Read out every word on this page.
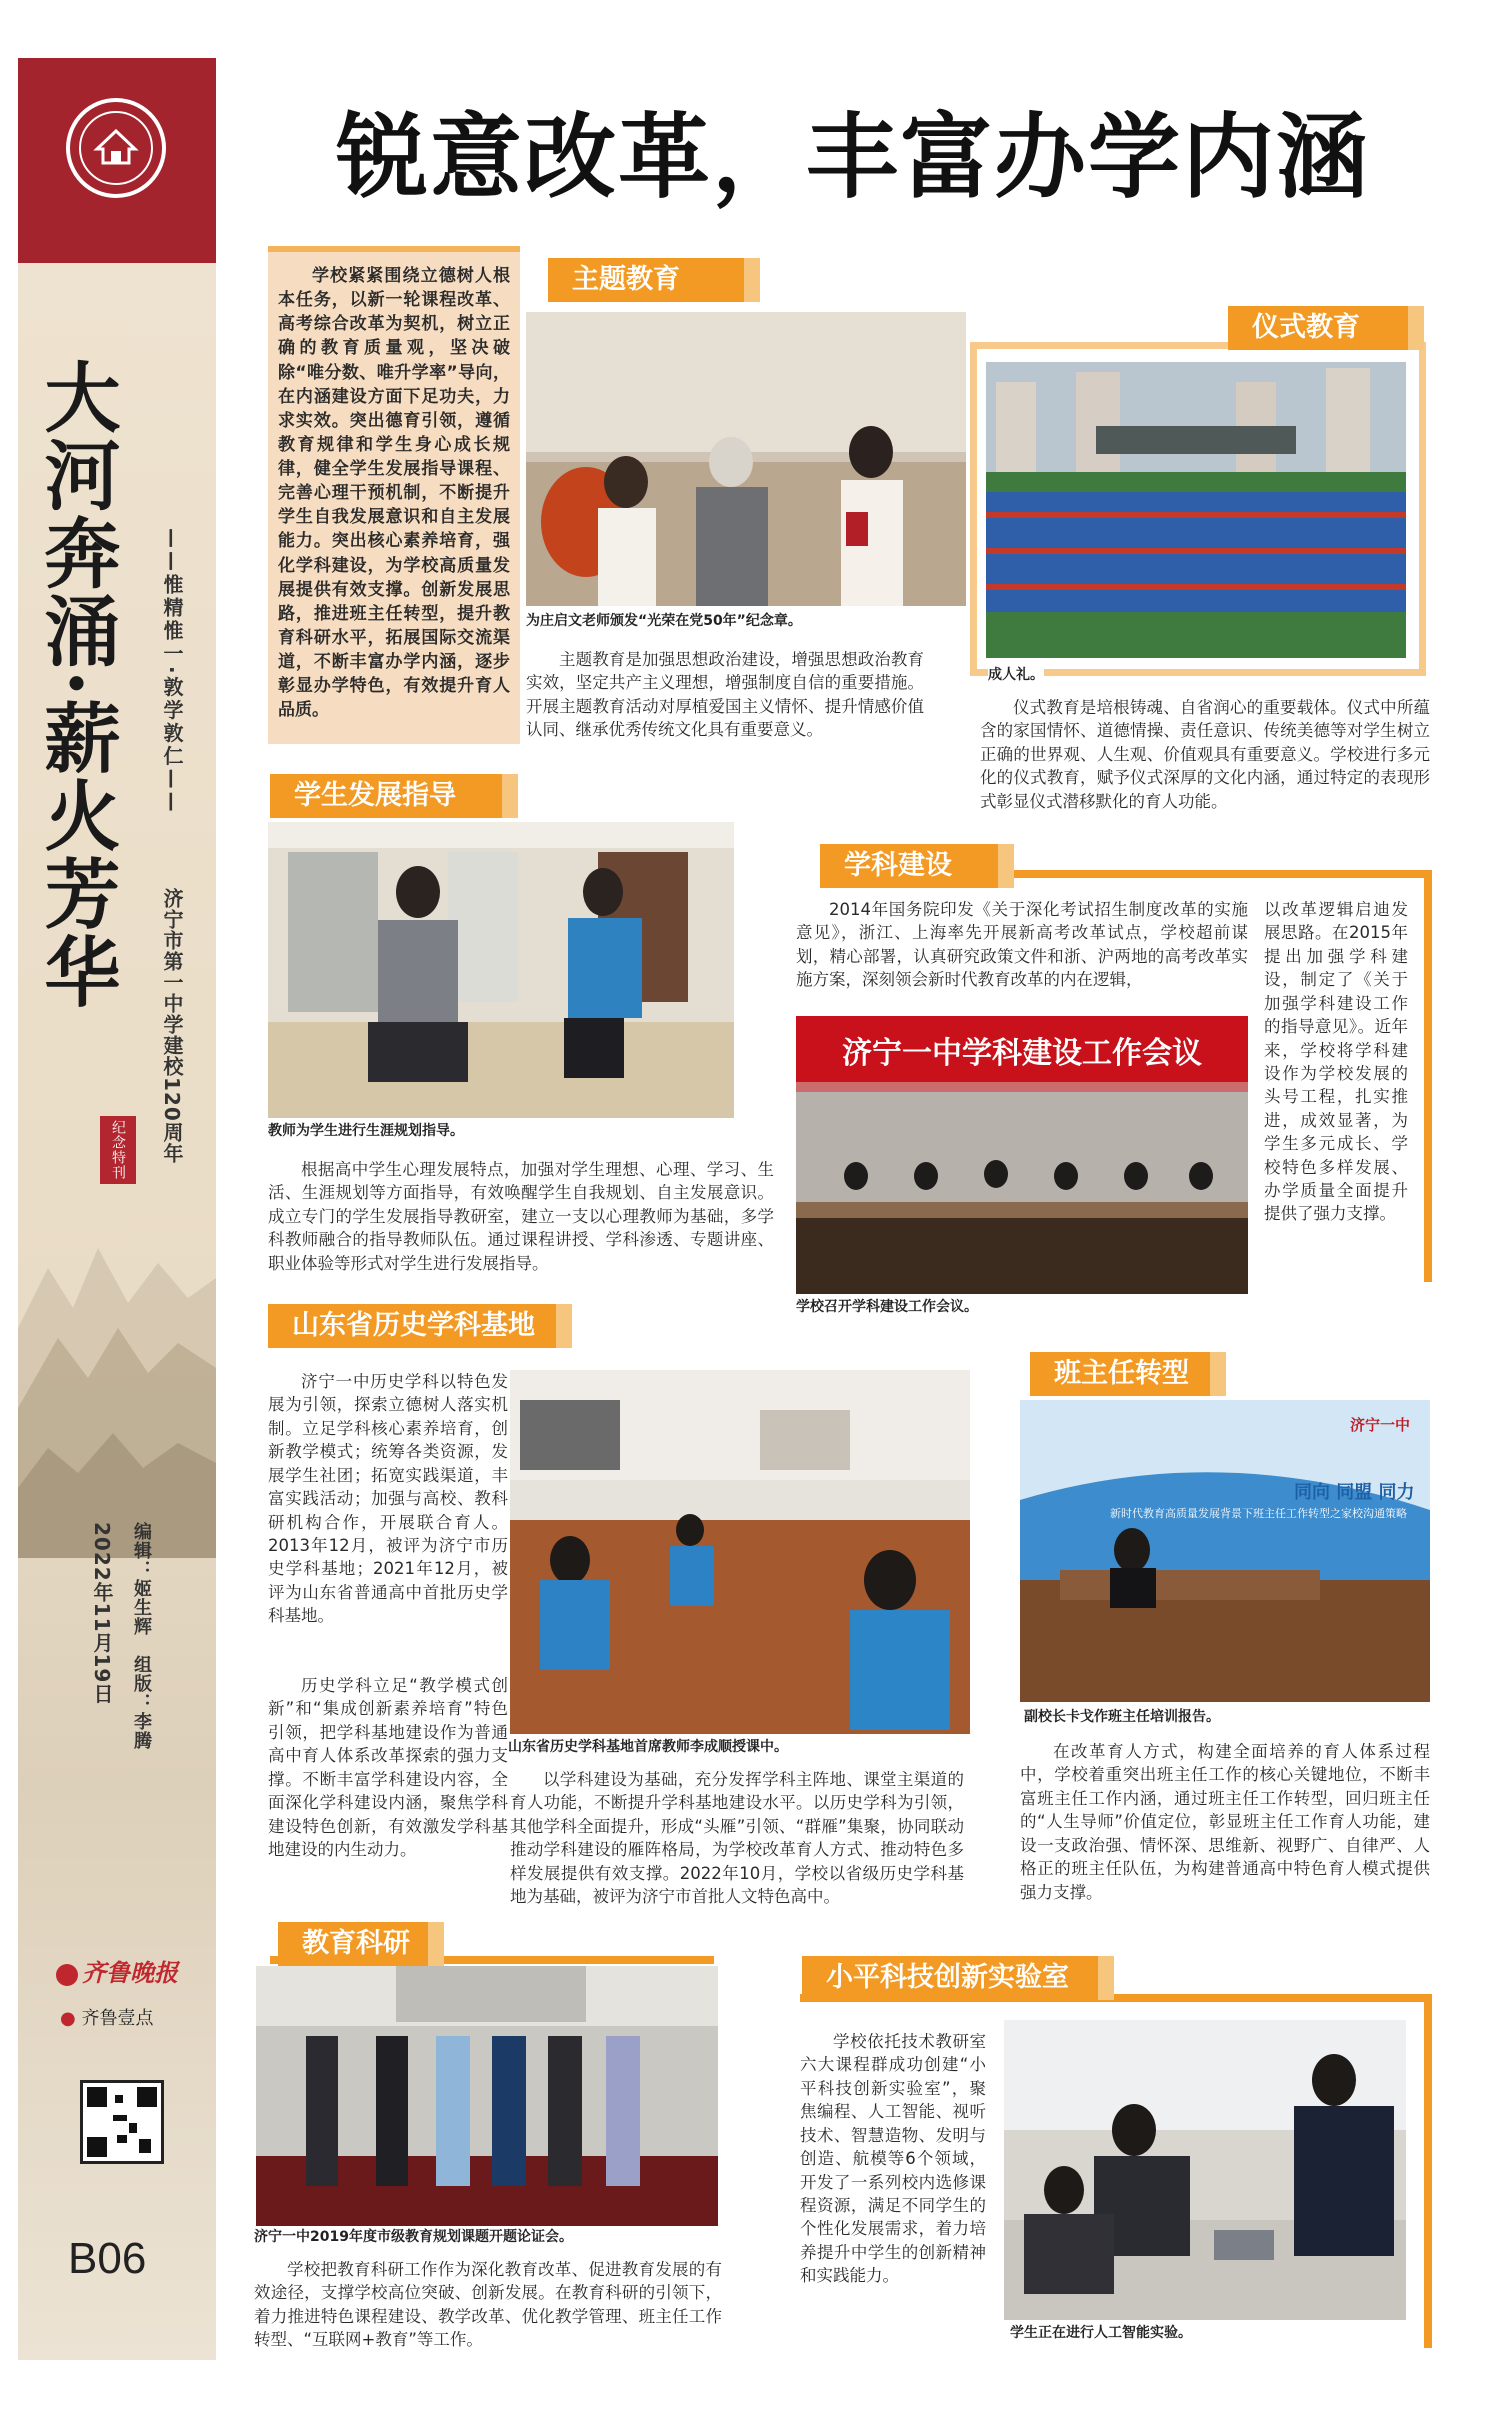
大河奔涌·薪火芳华 ——惟精惟一·敦学敦仁——
济宁市第一中学建校120周年
纪念特刊
编辑：姬生辉　组版：李腾
2022年11月19日
齐鲁晚报
● 齐鲁壹点
B06
锐意改革，丰富办学内涵

学校紧紧围绕立德树人根本任务，以新一轮课程改革、高考综合改革为契机，树立正确的教育质量观，坚决破除“唯分数、唯升学率”导向，在内涵建设方面下足功夫，力求实效。突出德育引领，遵循教育规律和学生身心成长规律，健全学生发展指导课程、完善心理干预机制，不断提升学生自我发展意识和自主发展能力。突出核心素养培育，强化学科建设，为学校高质量发展提供有效支撑。创新发展思路，推进班主任转型，提升教育科研水平，拓展国际交流渠道，不断丰富办学内涵，逐步彰显办学特色，有效提升育人品质。

主题教育
为庄启文老师颁发“光荣在党50年”纪念章。
主题教育是加强思想政治建设，增强思想政治教育实效，坚定共产主义理想，增强制度自信的重要措施。开展主题教育活动对厚植爱国主义情怀、提升情感价值认同、继承优秀传统文化具有重要意义。
仪式教育
成人礼。
仪式教育是培根铸魂、自省润心的重要载体。仪式中所蕴含的家国情怀、道德情操、责任意识、传统美德等对学生树立正确的世界观、人生观、价值观具有重要意义。学校进行多元化的仪式教育，赋予仪式深厚的文化内涵，通过特定的表现形式彰显仪式潜移默化的育人功能。
学生发展指导
教师为学生进行生涯规划指导。
根据高中学生心理发展特点，加强对学生理想、心理、学习、生活、生涯规划等方面指导，有效唤醒学生自我规划、自主发展意识。成立专门的学生发展指导教研室，建立一支以心理教师为基础，多学科教师融合的指导教师队伍。通过课程讲授、学科渗透、专题讲座、职业体验等形式对学生进行发展指导。
学科建设
2014年国务院印发《关于深化考试招生制度改革的实施意见》，浙江、上海率先开展新高考改革试点，学校超前谋划，精心部署，认真研究政策文件和浙、沪两地的高考改革实施方案，深刻领会新时代教育改革的内在逻辑，
以改革逻辑启迪发展思路。在2015年提出加强学科建设，制定了《关于加强学科建设工作的指导意见》。近年来，学校将学科建设作为学校发展的头号工程，扎实推进，成效显著，为学生多元成长、学校特色多样发展、办学质量全面提升提供了强力支撑。
济宁一中学科建设工作会议
学校召开学科建设工作会议。
山东省历史学科基地
济宁一中历史学科以特色发展为引领，探索立德树人落实机制。立足学科核心素养培育，创新教学模式；统筹各类资源，发展学生社团；拓宽实践渠道，丰富实践活动；加强与高校、教科研机构合作，开展联合育人。2013年12月，被评为济宁市历史学科基地；2021年12月，被评为山东省普通高中首批历史学科基地。
历史学科立足“教学模式创新”和“集成创新素养培育”特色引领，把学科基地建设作为普通高中育人体系改革探索的强力支撑。不断丰富学科建设内容，全面深化学科建设内涵，聚焦学科建设特色创新，有效激发学科基地建设的内生动力。
山东省历史学科基地首席教师李成顺授课中。
以学科建设为基础，充分发挥学科主阵地、课堂主渠道的育人功能，不断提升学科基地建设水平。以历史学科为引领，其他学科全面提升，形成“头雁”引领、“群雁”集聚，协同联动推动学科建设的雁阵格局，为学校改革育人方式、推动特色多样发展提供有效支撑。2022年10月，学校以省级历史学科基地为基础，被评为济宁市首批人文特色高中。
班主任转型
济宁一中
同向 同盟 同力
新时代教育高质量发展背景下班主任工作转型之家校沟通策略
副校长卡戈作班主任培训报告。
在改革育人方式，构建全面培养的育人体系过程中，学校着重突出班主任工作的核心关键地位，不断丰富班主任工作内涵，通过班主任工作转型，回归班主任的“人生导师”价值定位，彰显班主任工作育人功能，建设一支政治强、情怀深、思维新、视野广、自律严、人格正的班主任队伍，为构建普通高中特色育人模式提供强力支撑。
教育科研
济宁一中2019年度市级教育规划课题开题论证会。
学校把教育科研工作作为深化教育改革、促进教育发展的有效途径，支撑学校高位突破、创新发展。在教育科研的引领下，着力推进特色课程建设、教学改革、优化教学管理、班主任工作转型、“互联网+教育”等工作。
小平科技创新实验室
学校依托技术教研室六大课程群成功创建“小平科技创新实验室”，聚焦编程、人工智能、视听技术、智慧造物、发明与创造、航模等6个领域，开发了一系列校内选修课程资源，满足不同学生的个性化发展需求，着力培养提升中学生的创新精神和实践能力。
学生正在进行人工智能实验。
